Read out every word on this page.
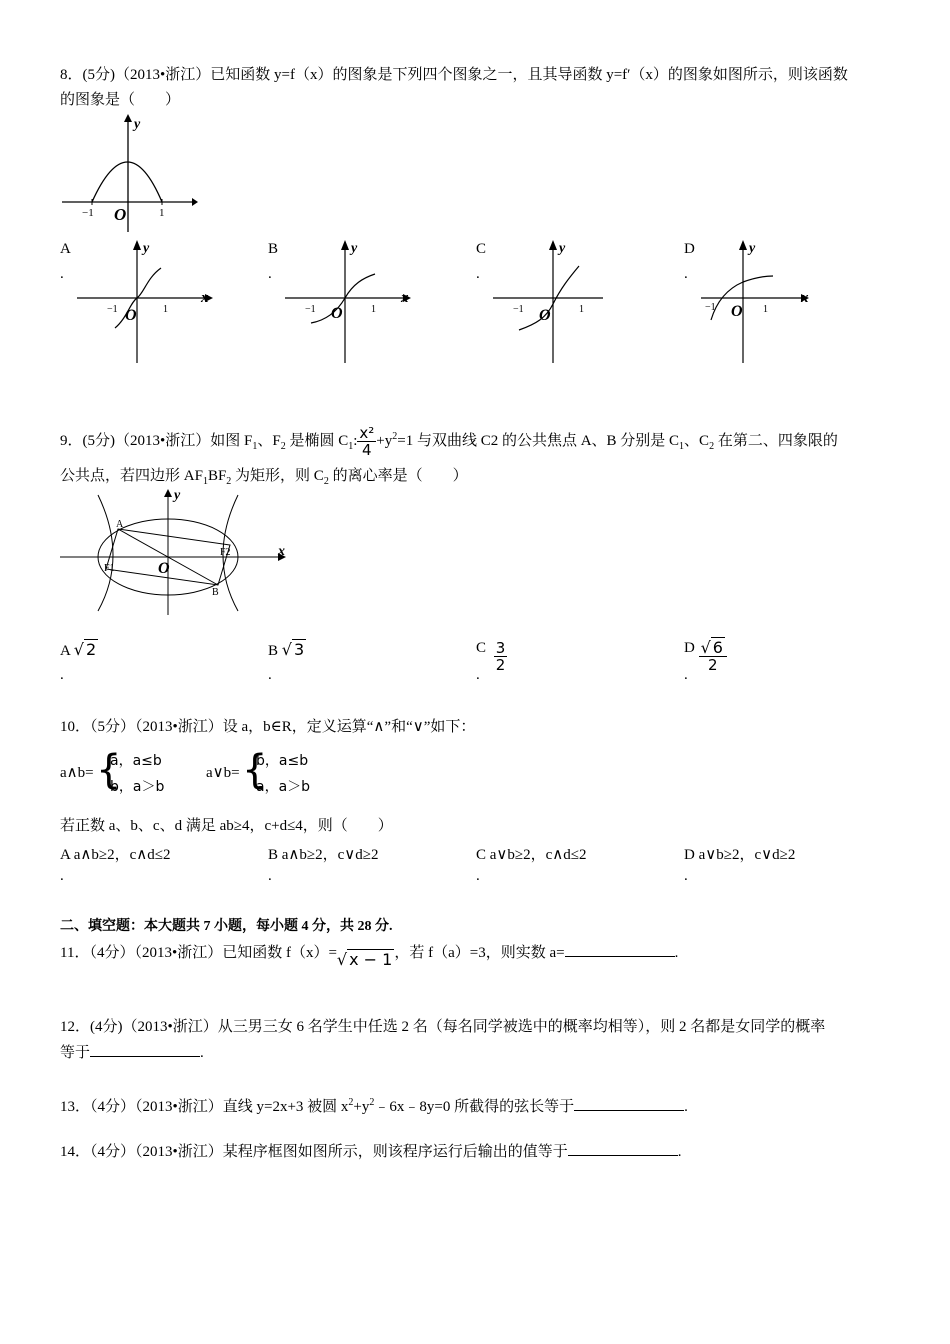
8．(5分)（2013•浙江）已知函数 y=f（x）的图象是下列四个图象之一，且其导函数 y=f′（x）的图象如图所示，则该函数
的图象是（　　）
y
−1	1
O
A
.
x
y
−1	1
O
B
.
x
y
−1	1
O
C
.
y
−1	1
O
D
.
x
y
−1	1
O
9．(5分)（2013•浙江）如图 $F_1$、$F_2$ 是椭圆 $C_1$: $\frac{\text{x²}}{4} +y^2=1$ 与双曲线 C2 的公共焦点 A、B 分别是 $C_1$、$C_2$ 在第二、四象限的
公共点，若四边形 $AF_1BF_2$ 为矩形，则 $C_2$ 的离心率是（　　）
x
y
A
B
F1
F2
O
A √ 2
.
B √ 3
.
C $\frac{3}{2}$
.
D $\frac{√ 6}{2}$
.
10．（5分）（2013•浙江）设 a，b∈R，定义运算“∧”和“∨”如下：
a∧b= {
a，a≤b
b，a＞b
a∨b= {
b，a≤b
a，a＞b
若正数 a、b、c、d 满足 ab≥4，c+d≤4，则（　　）
A a∧b≥2，c∧d≤2
.
B a∧b≥2，c∨d≥2
.
C a∨b≥2，c∧d≤2
.
D a∨b≥2，c∨d≥2
.
二、填空题：本大题共 7 小题，每小题 4 分，共 28 分.
11．（4分）（2013•浙江）已知函数 f（x）=√ x − 1 ，若 f（a）=3，则实数 a=	.
12．(4分)（2013•浙江）从三男三女 6 名学生中任选 2 名（每名同学被选中的概率均相等），则 2 名都是女同学的概率
等于	.
13．（4分）（2013•浙江）直线 y=2x+3 被圆 $x^2+y^2﹣6x﹣8y=0$ 所截得的弦长等于	.
14．（4分）（2013•浙江）某程序框图如图所示，则该程序运行后输出的值等于	.
